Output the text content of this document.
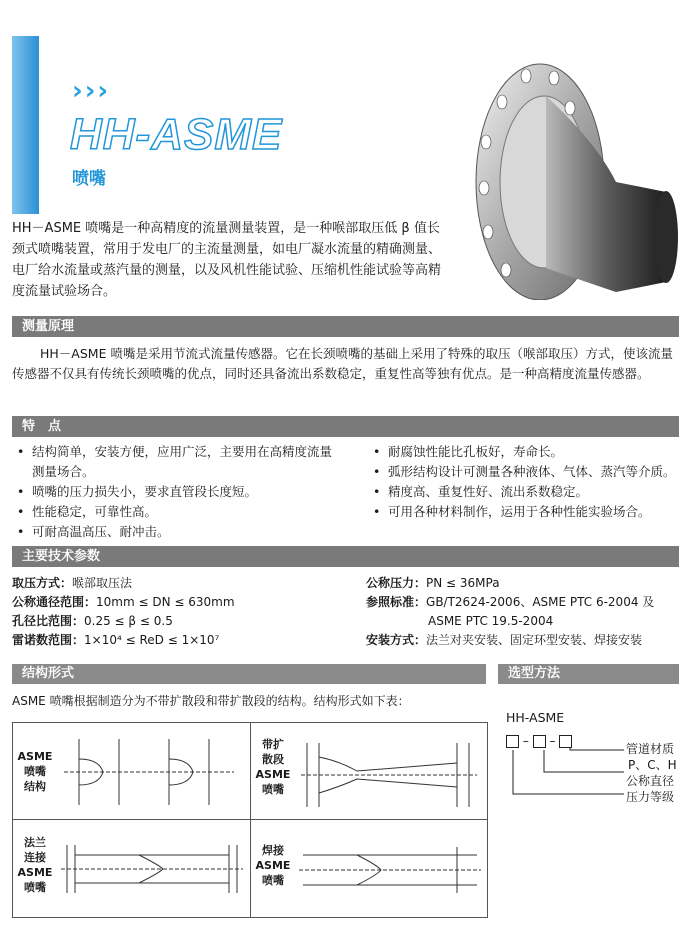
›››
HH-ASME
喷嘴
HH－ASME 喷嘴是一种高精度的流量测量装置，是一种喉部取压低 β 值长颈式喷嘴装置，常用于发电厂的主流量测量，如电厂凝水流量的精确测量、电厂给水流量或蒸汽量的测量，以及风机性能试验、压缩机性能试验等高精度流量试验场合。
测量原理
HH－ASME 喷嘴是采用节流式流量传感器。它在长颈喷嘴的基础上采用了特殊的取压（喉部取压）方式，使该流量传感器不仅具有传统长颈喷嘴的优点，同时还具备流出系数稳定，重复性高等独有优点。是一种高精度流量传感器。
特　点
• 结构简单，安装方便，应用广泛，主要用在高精度流量测量场合。
• 喷嘴的压力损失小，要求直管段长度短。
• 性能稳定，可靠性高。
• 可耐高温高压、耐冲击。
• 耐腐蚀性能比孔板好，寿命长。
• 弧形结构设计可测量各种液体、气体、蒸汽等介质。
• 精度高、重复性好、流出系数稳定。
• 可用各种材料制作，运用于各种性能实验场合。
主要技术参数
取压方式：喉部取压法
公称通径范围：10mm ≤ DN ≤ 630mm
孔径比范围：0.25 ≤ β ≤ 0.5
雷诺数范围：1×10⁴ ≤ ReD ≤ 1×10⁷
公称压力：PN ≤ 36MPa
参照标准：GB/T2624-2006、ASME PTC 6-2004 及
ASME PTC 19.5-2004
安装方式：法兰对夹安装、固定环型安装、焊接安装
结构形式
ASME 喷嘴根据制造分为不带扩散段和带扩散段的结构。结构形式如下表：
ASME
喷嘴
结构
带扩
散段
ASME
喷嘴
法兰
连接
ASME
喷嘴
焊接
ASME
喷嘴
选型方法
HH-ASME
–  –
管道材质
P、C、H
公称直径
压力等级
